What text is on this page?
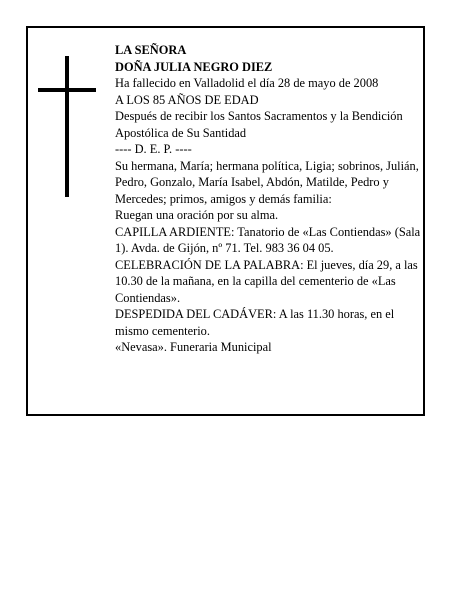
LA SEÑORA

DOÑA JULIA NEGRO DIEZ

Ha fallecido en Valladolid el día 28 de mayo de 2008

A LOS 85 AÑOS DE EDAD

Después de recibir los Santos Sacramentos y la Bendición Apostólica de Su Santidad

---- D. E. P. ----

Su hermana, María; hermana política, Ligia; sobrinos, Julián, Pedro, Gonzalo, María Isabel, Abdón, Matilde, Pedro y Mercedes; primos, amigos y demás familia:

Ruegan una oración por su alma.

CAPILLA ARDIENTE: Tanatorio de «Las Contiendas» (Sala 1). Avda. de Gijón, nº 71. Tel. 983 36 04 05.

CELEBRACIÓN DE LA PALABRA: El jueves, día 29, a las 10.30 de la mañana, en la capilla del cementerio de «Las Contiendas».

DESPEDIDA DEL CADÁVER: A las 11.30 horas, en el mismo cementerio.

«Nevasa». Funeraria Municipal
